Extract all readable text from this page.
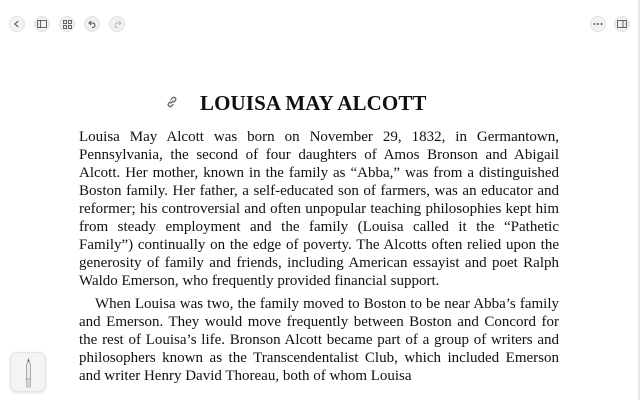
LOUISA MAY ALCOTT

Louisa May Alcott was born on November 29, 1832, in Germantown, Pennsylvania, the second of four daughters of Amos Bronson and Abigail Alcott. Her mother, known in the family as “Abba,” was from a distinguished Boston family. Her father, a self-educated son of farmers, was an educator and reformer; his controversial and often unpopular teaching philosophies kept him from steady employment and the family (Louisa called it the “Pathetic Family”) continually on the edge of poverty. The Alcotts often relied upon the generosity of family and friends, including American essayist and poet Ralph Waldo Emerson, who frequently provided financial support.

When Louisa was two, the family moved to Boston to be near Abba’s family and Emerson. They would move frequently between Boston and Concord for the rest of Louisa’s life. Bronson Alcott became part of a group of writers and philosophers known as the Transcendentalist Club, which included Emerson and writer Henry David Thoreau, both of whom Louisa
